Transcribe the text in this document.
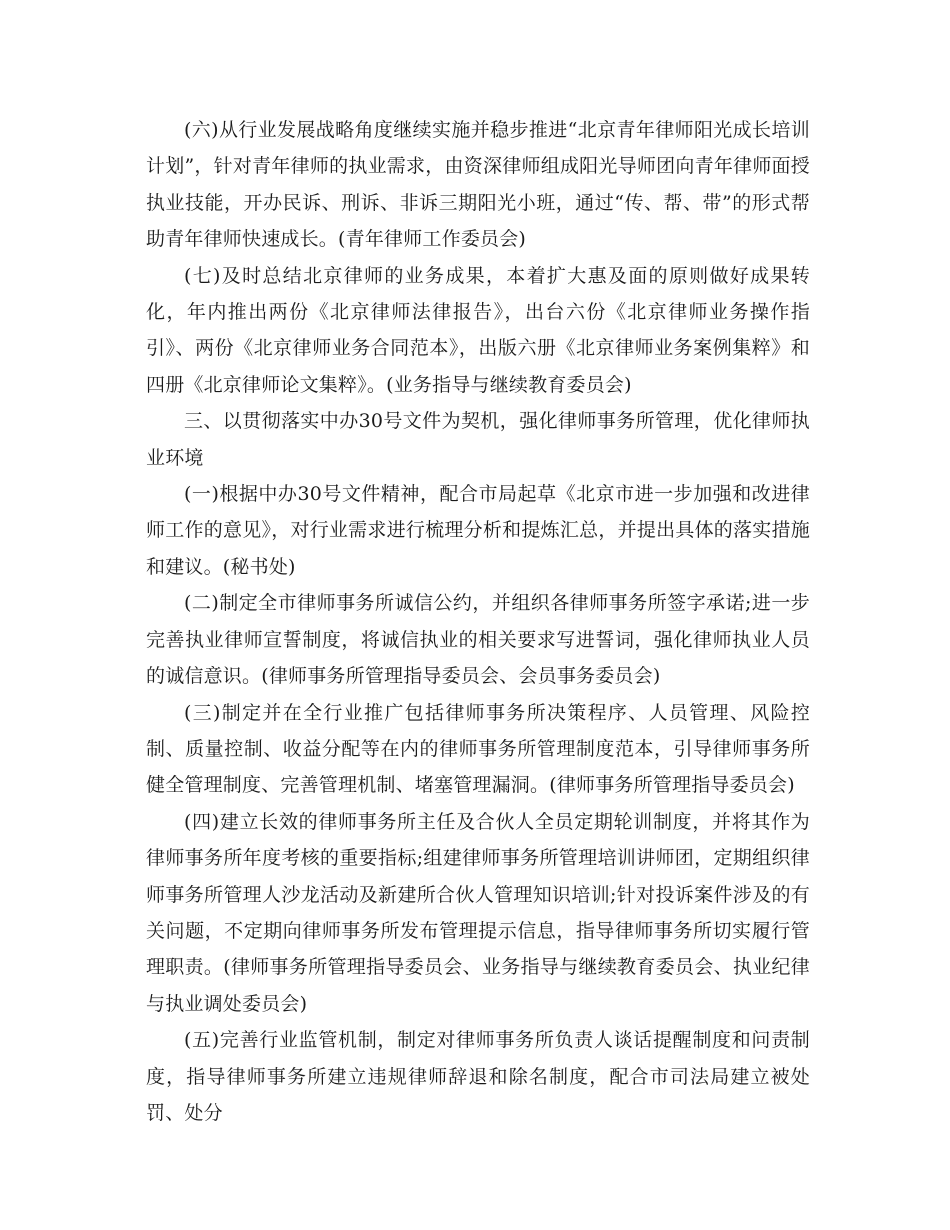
(六)从行业发展战略角度继续实施并稳步推进“北京青年律师阳光成长培训计划”，针对青年律师的执业需求，由资深律师组成阳光导师团向青年律师面授执业技能，开办民诉、刑诉、非诉三期阳光小班，通过“传、帮、带”的形式帮助青年律师快速成长。(青年律师工作委员会)

(七)及时总结北京律师的业务成果，本着扩大惠及面的原则做好成果转化，年内推出两份《北京律师法律报告》，出台六份《北京律师业务操作指引》、两份《北京律师业务合同范本》，出版六册《北京律师业务案例集粹》和四册《北京律师论文集粹》。(业务指导与继续教育委员会)

三、以贯彻落实中办30号文件为契机，强化律师事务所管理，优化律师执业环境

(一)根据中办30号文件精神，配合市局起草《北京市进一步加强和改进律师工作的意见》，对行业需求进行梳理分析和提炼汇总，并提出具体的落实措施和建议。(秘书处)

(二)制定全市律师事务所诚信公约，并组织各律师事务所签字承诺;进一步完善执业律师宣誓制度，将诚信执业的相关要求写进誓词，强化律师执业人员的诚信意识。(律师事务所管理指导委员会、会员事务委员会)

(三)制定并在全行业推广包括律师事务所决策程序、人员管理、风险控制、质量控制、收益分配等在内的律师事务所管理制度范本，引导律师事务所健全管理制度、完善管理机制、堵塞管理漏洞。(律师事务所管理指导委员会)

(四)建立长效的律师事务所主任及合伙人全员定期轮训制度，并将其作为律师事务所年度考核的重要指标;组建律师事务所管理培训讲师团，定期组织律师事务所管理人沙龙活动及新建所合伙人管理知识培训;针对投诉案件涉及的有关问题，不定期向律师事务所发布管理提示信息，指导律师事务所切实履行管理职责。(律师事务所管理指导委员会、业务指导与继续教育委员会、执业纪律与执业调处委员会)

(五)完善行业监管机制，制定对律师事务所负责人谈话提醒制度和问责制度，指导律师事务所建立违规律师辞退和除名制度，配合市司法局建立被处罚、处分
